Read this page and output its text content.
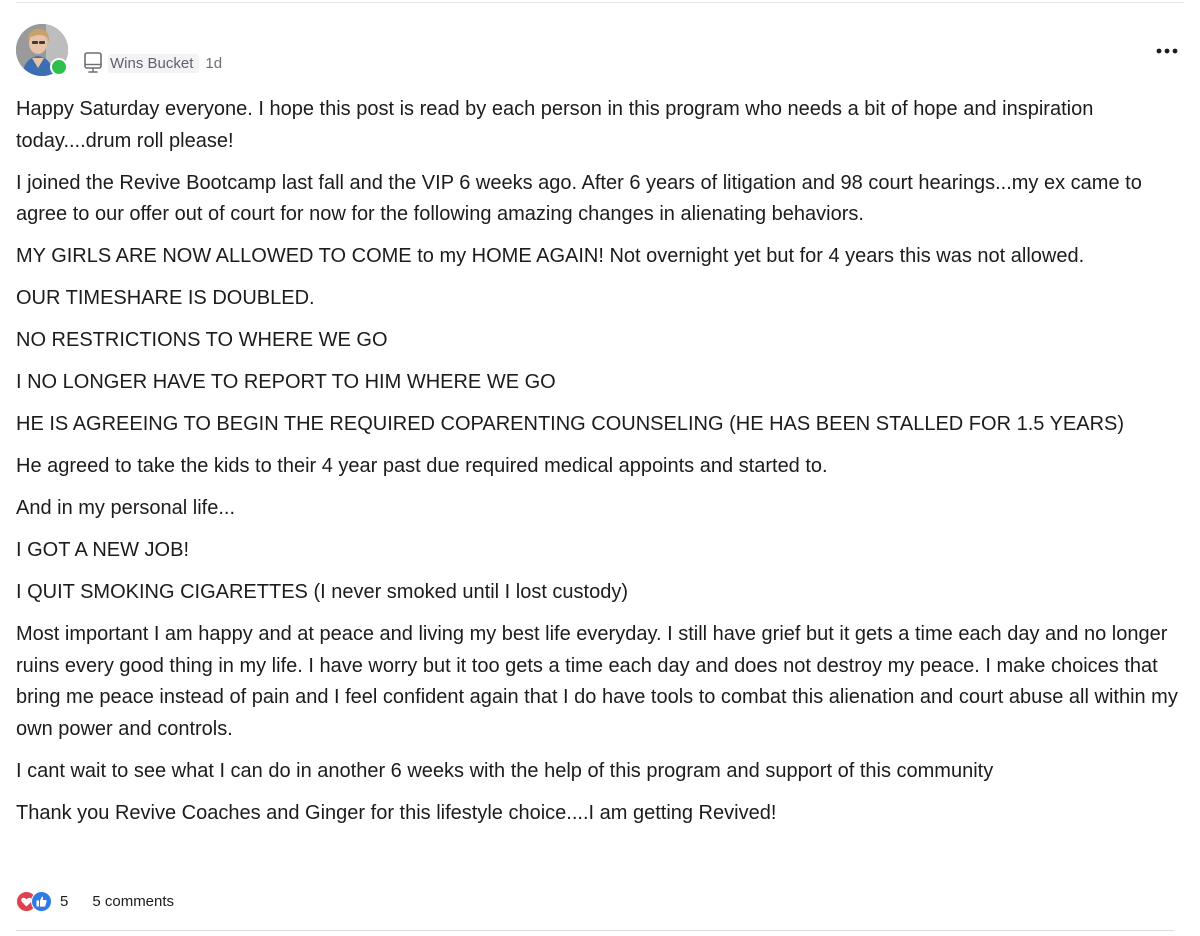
Wins Bucket 1d

Happy Saturday everyone. I hope this post is read by each person in this program who needs a bit of hope and inspiration today....drum roll please!

I joined the Revive Bootcamp last fall and the VIP 6 weeks ago. After 6 years of litigation and 98 court hearings...my ex came to agree to our offer out of court for now for the following amazing changes in alienating behaviors.

MY GIRLS ARE NOW ALLOWED TO COME to my HOME AGAIN! Not overnight yet but for 4 years this was not allowed.

OUR TIMESHARE IS DOUBLED.

NO RESTRICTIONS TO WHERE WE GO

I NO LONGER HAVE TO REPORT TO HIM WHERE WE GO

HE IS AGREEING TO BEGIN THE REQUIRED COPARENTING COUNSELING (HE HAS BEEN STALLED FOR 1.5 YEARS)

He agreed to take the kids to their 4 year past due required medical appoints and started to.

And in my personal life...

I GOT A NEW JOB!

I QUIT SMOKING CIGARETTES (I never smoked until I lost custody)

Most important I am happy and at peace and living my best life everyday. I still have grief but it gets a time each day and no longer ruins every good thing in my life. I have worry but it too gets a time each day and does not destroy my peace. I make choices that bring me peace instead of pain and I feel confident again that I do have tools to combat this alienation and court abuse all within my own power and controls.

I cant wait to see what I can do in another 6 weeks with the help of this program and support of this community

Thank you Revive Coaches and Ginger for this lifestyle choice....I am getting Revived!

5 5 comments
